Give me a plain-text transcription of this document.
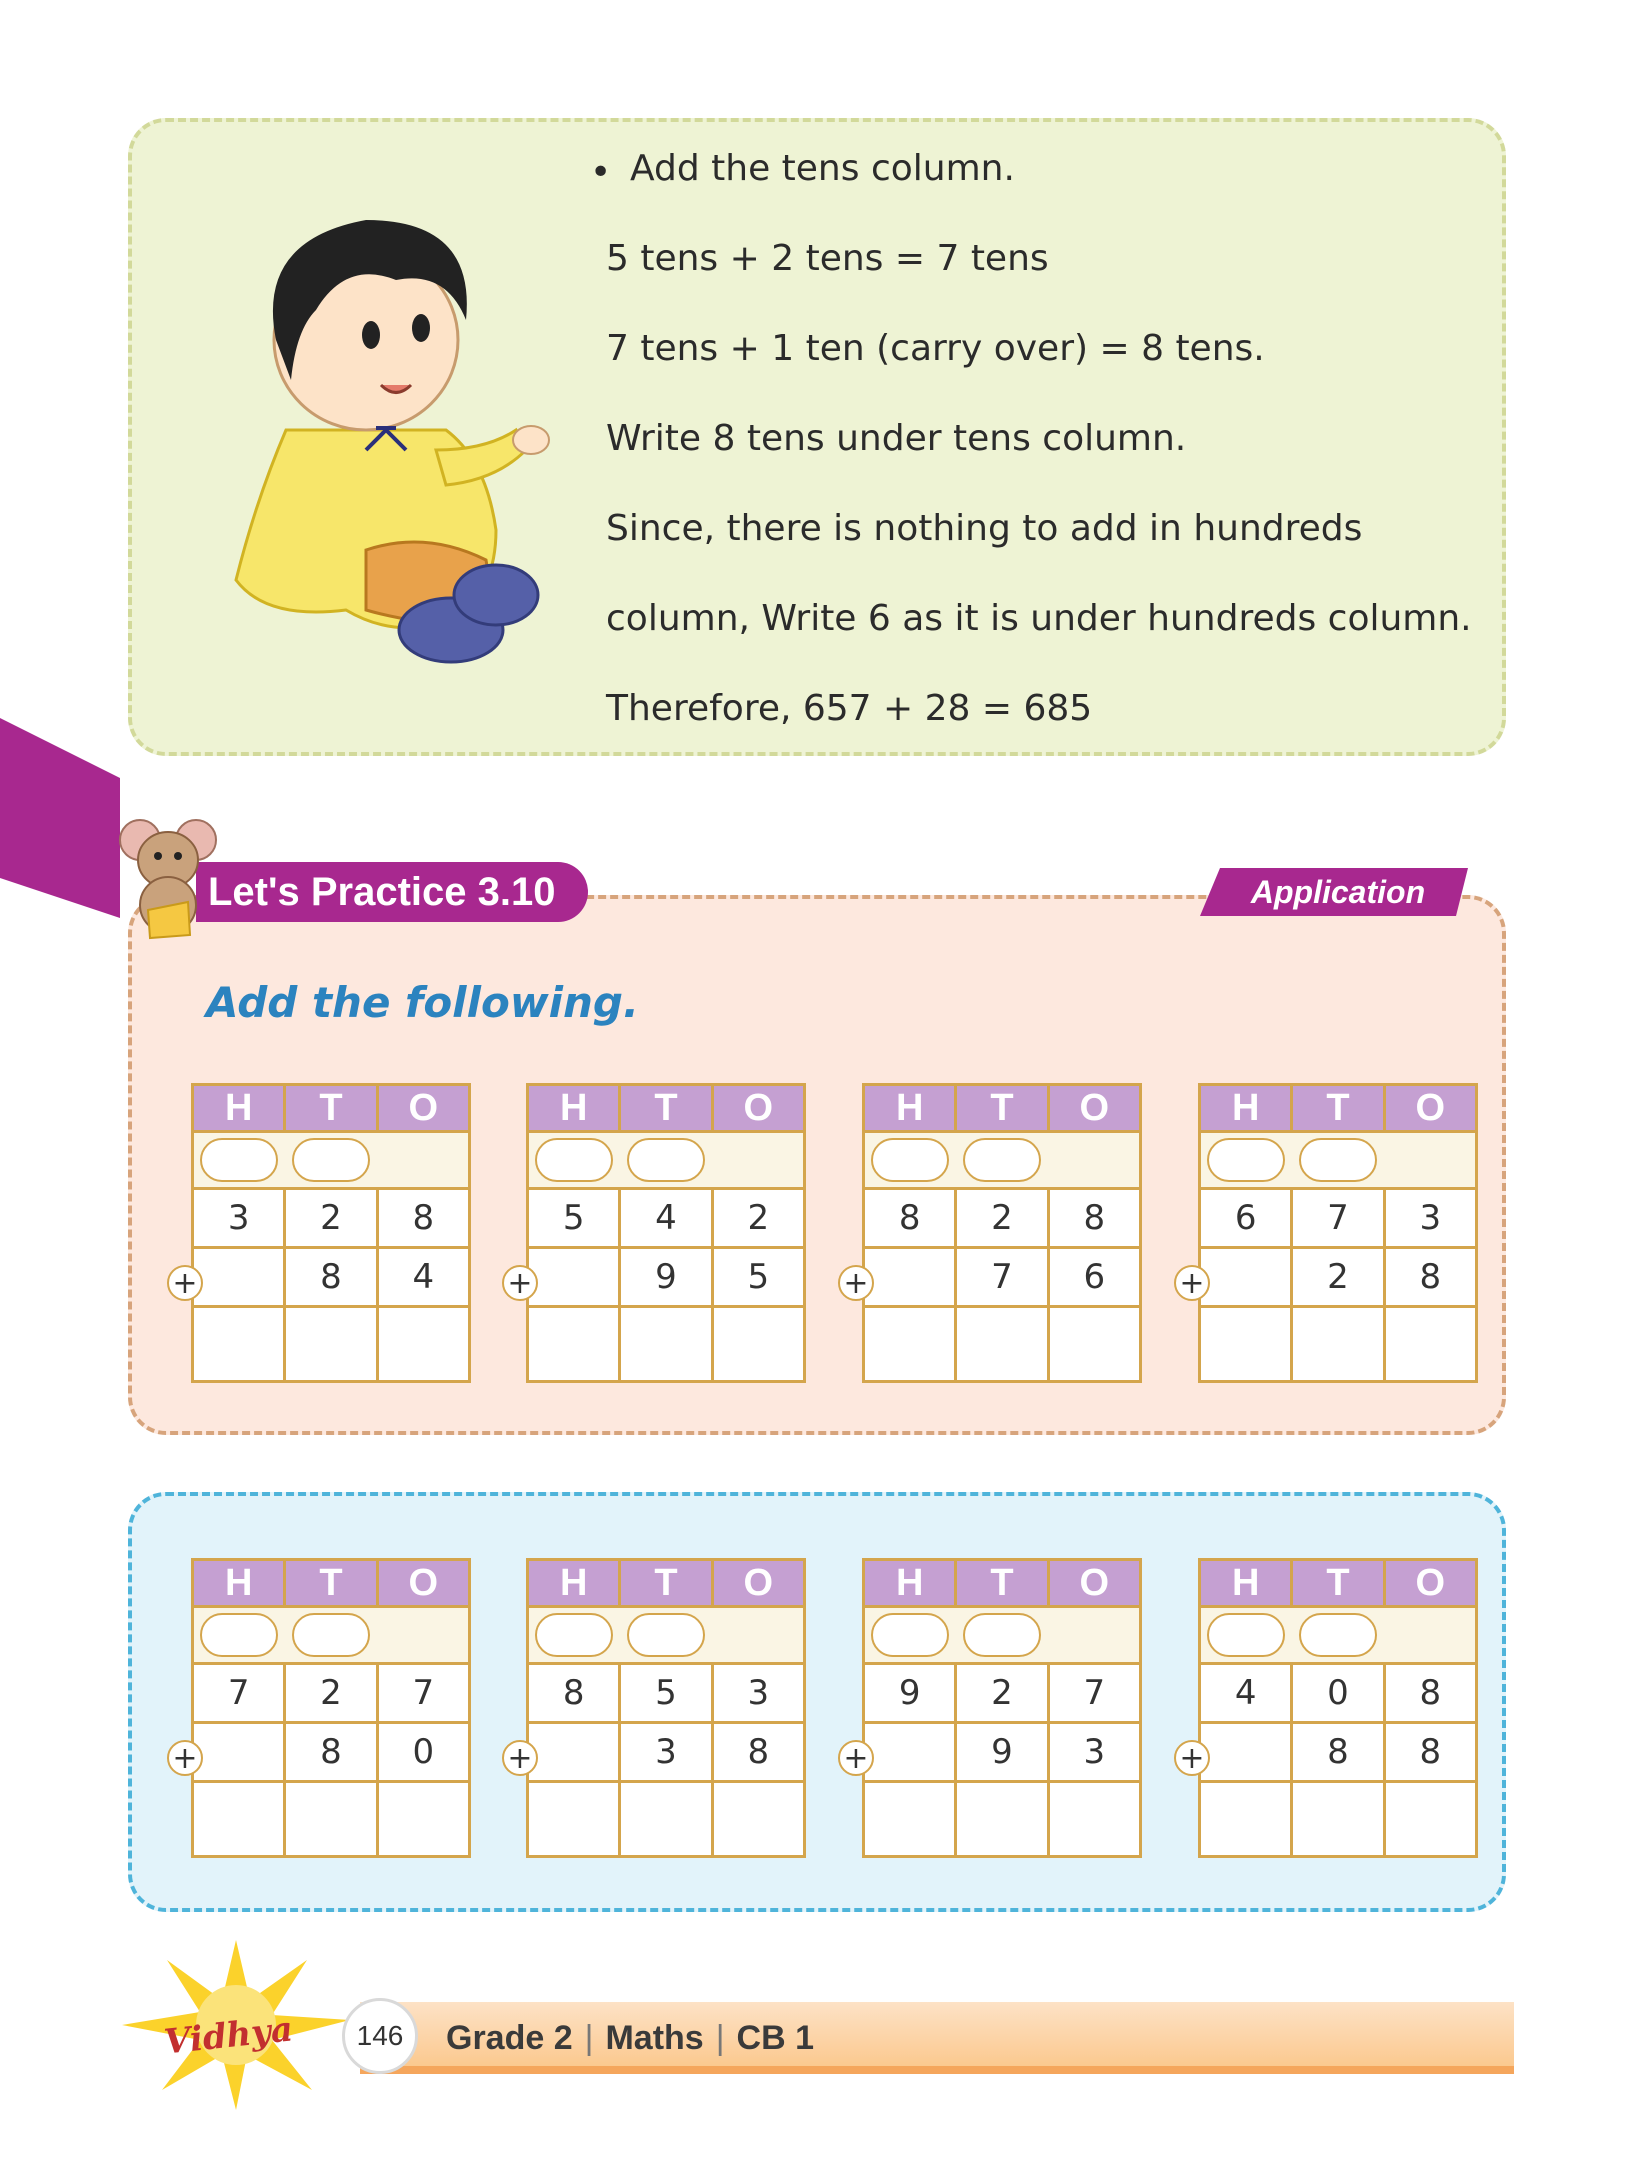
• Add the tens column.
5 tens + 2 tens = 7 tens
7 tens + 1 ten (carry over) = 8 tens.
Write 8 tens under tens column.
Since, there is nothing to add in hundreds
column, Write 6 as it is under hundreds column.
Therefore, 657 + 28 = 685
Let's Practice 3.10	Application
Add the following.
H	T	O

3	2	8
	8	4

+
H	T	O

5	4	2
	9	5

+
H	T	O

8	2	8
	7	6

+
H	T	O

6	7	3
	2	8

+
H	T	O

7	2	7
	8	0

+
H	T	O

8	5	3
	3	8

+
H	T	O

9	2	7
	9	3

+
H	T	O

4	0	8
	8	8

+
Vidhya	146	Grade 2 | Maths | CB 1
